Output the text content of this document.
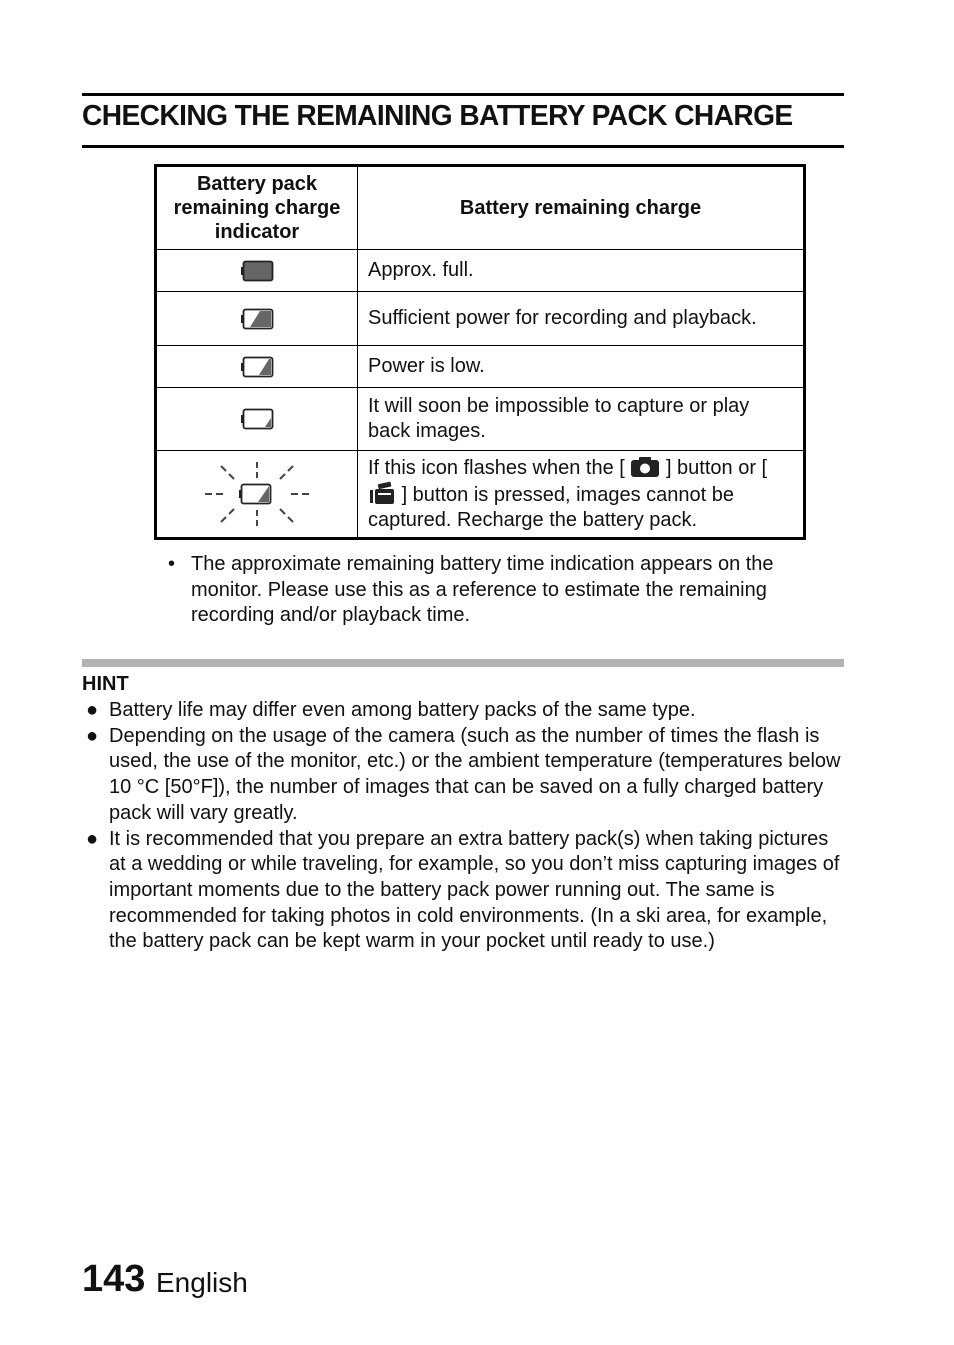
CHECKING THE REMAINING BATTERY PACK CHARGE
Battery pack remaining charge indicator	Battery remaining charge
	Approx. full.
	Sufficient power for recording and playback.
	Power is low.
	It will soon be impossible to capture or play back images.
	If this icon flashes when the [ ] button or [  ] button is pressed, images cannot be captured. Recharge the battery pack.
• The approximate remaining battery time indication appears on the monitor. Please use this as a reference to estimate the remaining recording and/or playback time.
HINT
● Battery life may differ even among battery packs of the same type.
● Depending on the usage of the camera (such as the number of times the flash is used, the use of the monitor, etc.) or the ambient temperature (temperatures below 10 °C [50°F]), the number of images that can be saved on a fully charged battery pack will vary greatly.
● It is recommended that you prepare an extra battery pack(s) when taking pictures at a wedding or while traveling, for example, so you don’t miss capturing images of important moments due to the battery pack power running out. The same is recommended for taking photos in cold environments. (In a ski area, for example, the battery pack can be kept warm in your pocket until ready to use.)
143 English
